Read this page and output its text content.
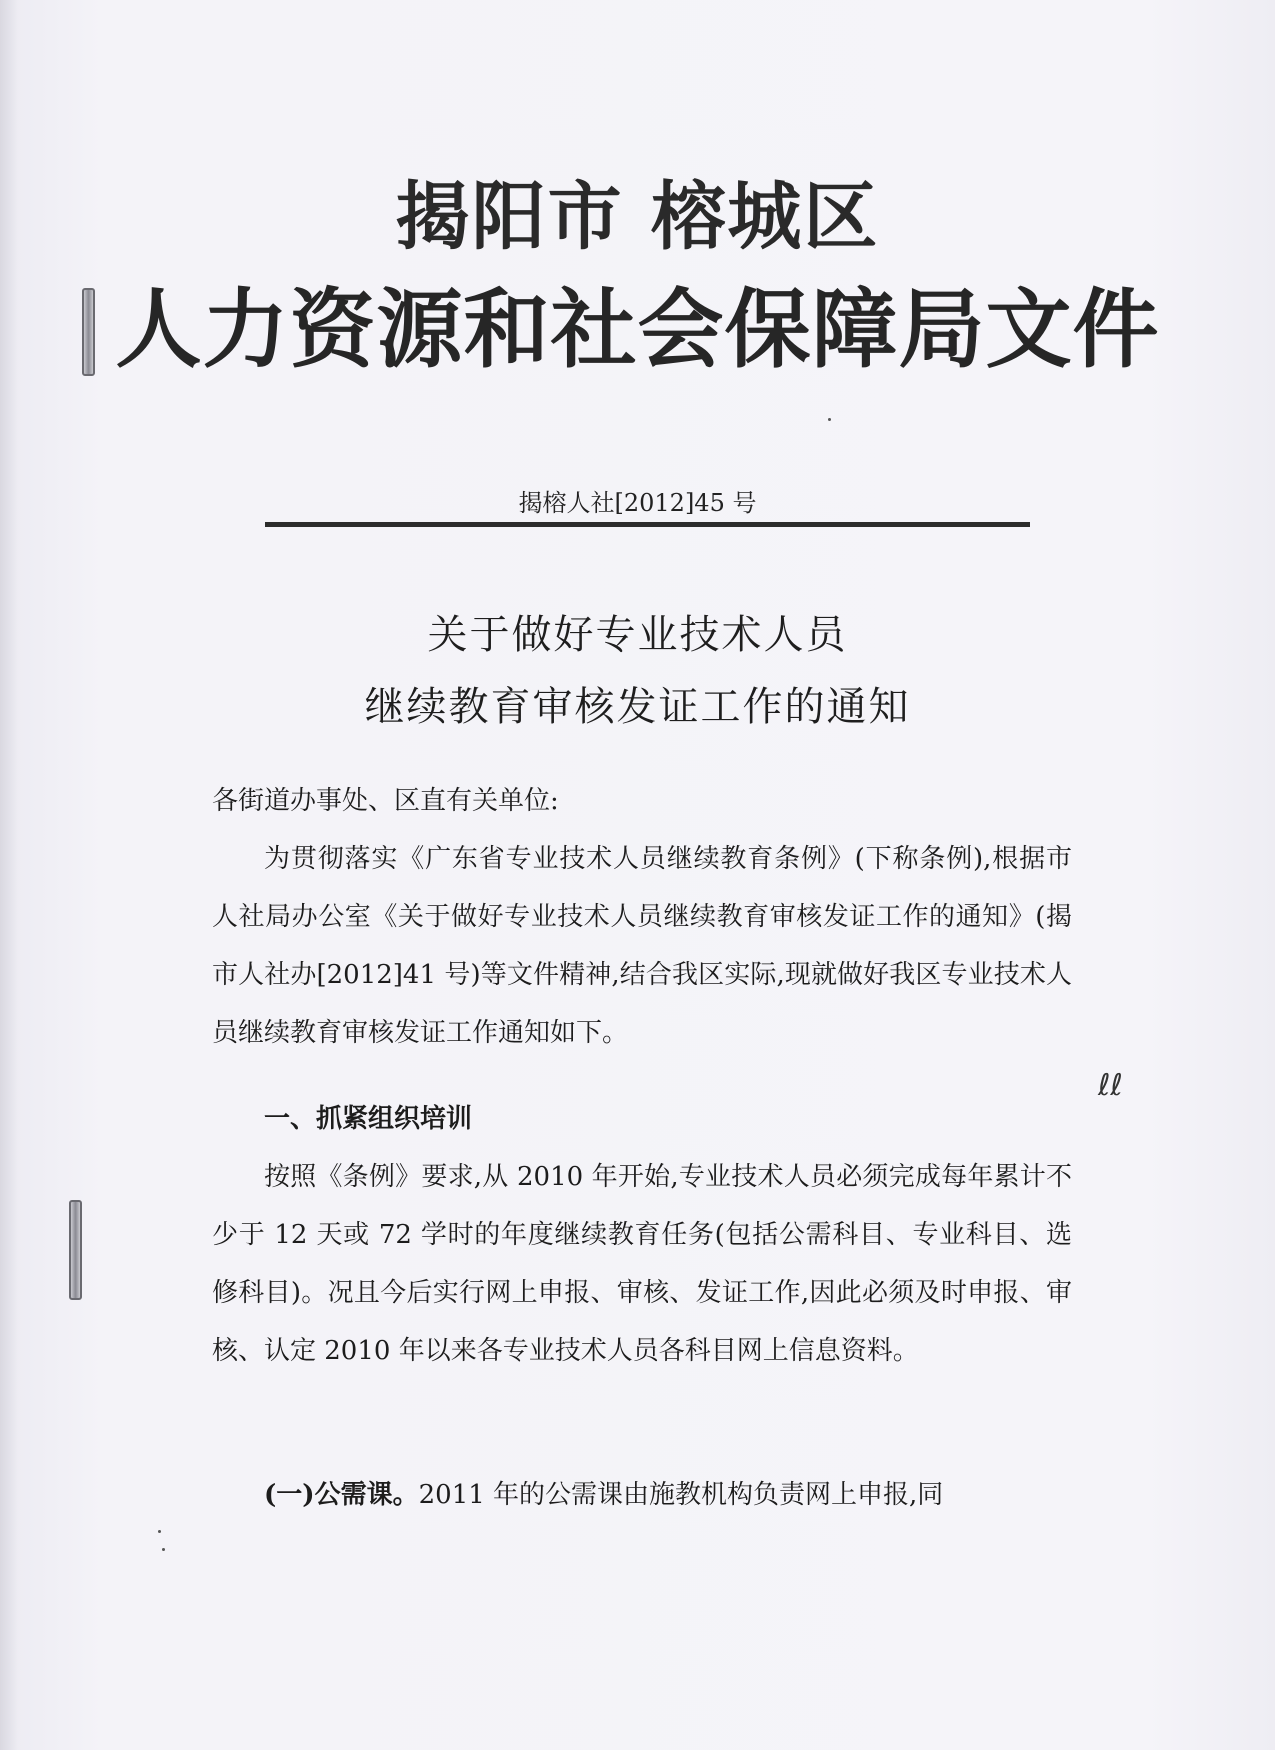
揭阳市 榕城区
人力资源和社会保障局文件
揭榕人社[2012]45 号
关于做好专业技术人员
继续教育审核发证工作的通知

各街道办事处、区直有关单位:

为贯彻落实《广东省专业技术人员继续教育条例》(下称条例),根据市人社局办公室《关于做好专业技术人员继续教育审核发证工作的通知》(揭市人社办[2012]41 号)等文件精神,结合我区实际,现就做好我区专业技术人员继续教育审核发证工作通知如下。

一、抓紧组织培训

按照《条例》要求,从 2010 年开始,专业技术人员必须完成每年累计不少于 12 天或 72 学时的年度继续教育任务(包括公需科目、专业科目、选修科目)。况且今后实行网上申报、审核、发证工作,因此必须及时申报、审核、认定 2010 年以来各专业技术人员各科目网上信息资料。

(一)公需课。2011 年的公需课由施教机构负责网上申报,同

ℓℓ
